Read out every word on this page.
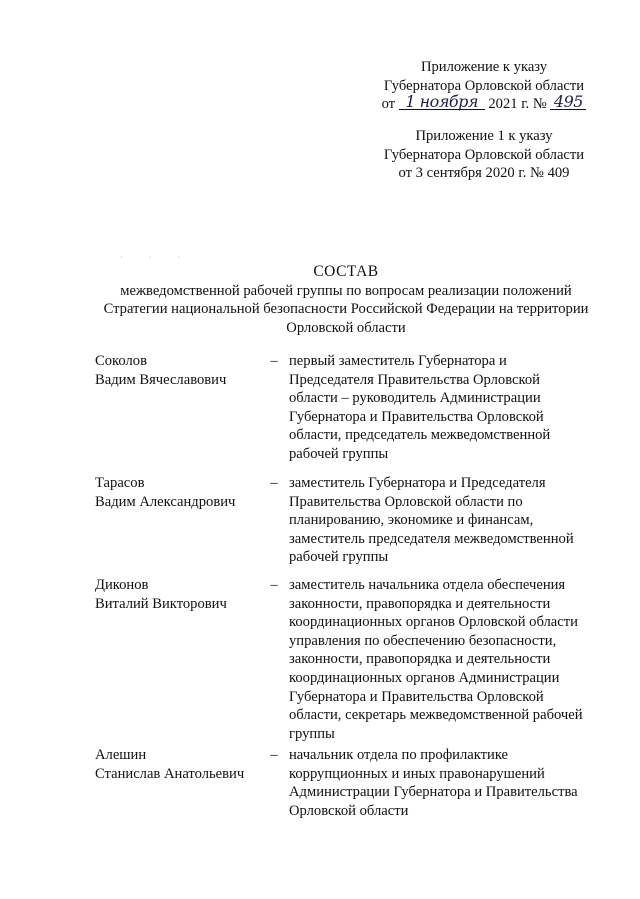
Приложение к указу
Губернатора Орловской области
от 1 ноября 2021 г. № 495
Приложение 1 к указу
Губернатора Орловской области
от 3 сентября 2020 г. № 409
· · ·
СОСТАВ
межведомственной рабочей группы по вопросам реализации положений
Стратегии национальной безопасности Российской Федерации на территории
Орловской области
Соколов
Вадим Вячеславович
– первый заместитель Губернатора и
Председателя Правительства Орловской
области – руководитель Администрации
Губернатора и Правительства Орловской
области, председатель межведомственной
рабочей группы
Тарасов
Вадим Александрович
– заместитель Губернатора и Председателя
Правительства Орловской области по
планированию, экономике и финансам,
заместитель председателя межведомственной
рабочей группы
Диконов
Виталий Викторович
– заместитель начальника отдела обеспечения
законности, правопорядка и деятельности
координационных органов Орловской области
управления по обеспечению безопасности,
законности, правопорядка и деятельности
координационных органов Администрации
Губернатора и Правительства Орловской
области, секретарь межведомственной рабочей
группы
Алешин
Станислав Анатольевич
– начальник отдела по профилактике
коррупционных и иных правонарушений
Администрации Губернатора и Правительства
Орловской области
